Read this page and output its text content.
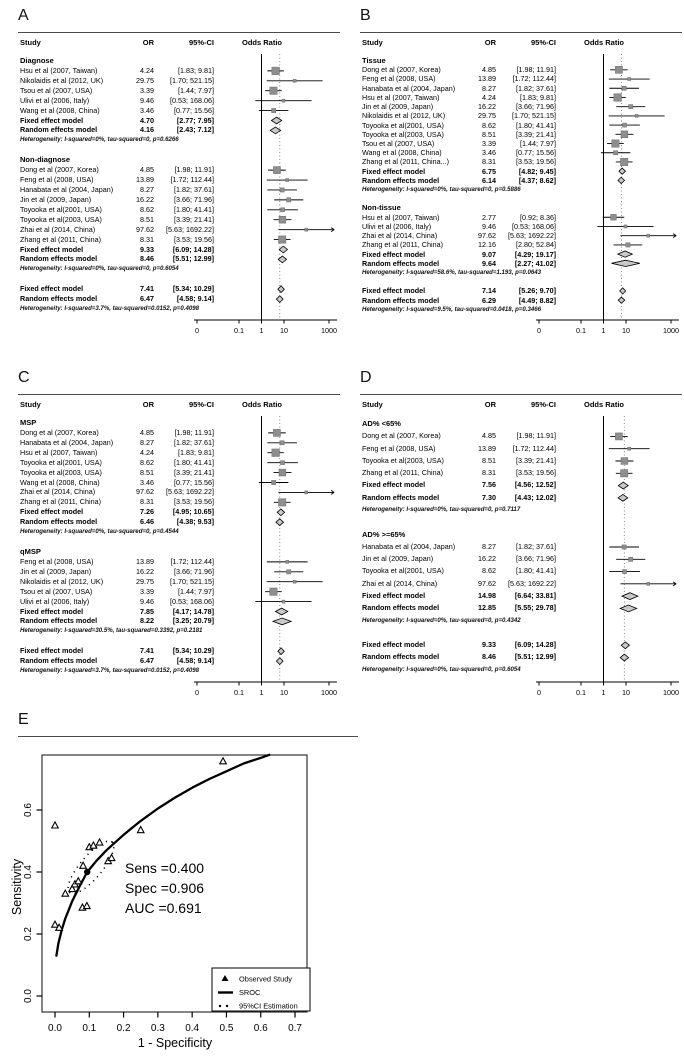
A
Study	OR	95%-CI	Odds Ratio
Diagnose
Hsu et al (2007, Taiwan)	4.24	[1.83; 9.81]
Nikolaidis et al (2012, UK)	29.75	[1.70; 521.15]
Tsou et al (2007, USA)	3.39	[1.44; 7.97]
Ulivi et al (2006, Italy)	9.46	[0.53; 168.06]
Wang et al (2008, China)	3.46	[0.77; 15.56]
Fixed effect model	4.70	[2.77; 7.95]
Random effects model	4.16	[2.43; 7.12]
Heterogeneity: I-squared=0%, tau-squared=0, p=0.6266
Non-diagnose
Dong et al (2007, Korea)	4.85	[1.98; 11.91]
Feng et al (2008, USA)	13.89	[1.72; 112.44]
Hanabata et al (2004, Japan)	8.27	[1.82; 37.61]
Jin et al (2009, Japan)	16.22	[3.66; 71.96]
Toyooka et al(2001, USA)	8.62	[1.80; 41.41]
Toyooka et al(2003, USA)	8.51	[3.39; 21.41]
Zhai et al (2014, China)	97.62	[5.63; 1692.22]
Zhang et al (2011, China)	8.31	[3.53; 19.56]
Fixed effect model	9.33	[6.09; 14.28]
Random effects model	8.46	[5.51; 12.99]
Heterogeneity: I-squared=0%, tau-squared=0, p=0.6054
Fixed effect model	7.41	[5.34; 10.29]
Random effects model	6.47	[4.58; 9.14]
Heterogeneity: I-squared=3.7%, tau-squared=0.0152, p=0.4098
0	0.1 1 10	1000
B
Study	OR	95%-CI	Odds Ratio
Tissue
Dong et al (2007, Korea)	4.85	[1.98; 11.91]
Feng et al (2008, USA)	13.89	[1.72; 112.44]
Hanabata et al (2004, Japan)	8.27	[1.82; 37.61]
Hsu et al (2007, Taiwan)	4.24	[1.83; 9.81]
Jin et al (2009, Japan)	16.22	[3.66; 71.96]
Nikolaidis et al (2012, UK)	29.75	[1.70; 521.15]
Toyooka et al(2001, USA)	8.62	[1.80; 41.41]
Toyooka et al(2003, USA)	8.51	[3.39; 21.41]
Tsou et al (2007, USA)	3.39	[1.44; 7.97]
Wang et al (2008, China)	3.46	[0.77; 15.56]
Zhang et al (2011, China...)	8.31	[3.53; 19.56]
Fixed effect model	6.75	[4.82; 9.45]
Random effects model	6.14	[4.37; 8.62]
Heterogeneity: I-squared=0%, tau-squared=0, p=0.5886
Non-tissue
Hsu et al (2007, Taiwan)	2.77	[0.92; 8.36]
Ulivi et al (2006, Italy)	9.46	[0.53; 168.06]
Zhai et al (2014, China)	97.62	[5.63; 1692.22]
Zhang et al (2011, China)	12.16	[2.80; 52.84]
Fixed effect model	9.07	[4.29; 19.17]
Random effects model	9.64	[2.27; 41.02]
Heterogeneity: I-squared=58.6%, tau-squared=1.193, p=0.0643
Fixed effect model	7.14	[5.26; 9.70]
Random effects model	6.29	[4.49; 8.82]
Heterogeneity: I-squared=9.5%, tau-squared=0.0418, p=0.3466
0	0.1 1 10	1000
C
Study	OR	95%-CI	Odds Ratio
MSP
Dong et al (2007, Korea)	4.85	[1.98; 11.91]
Hanabata et al (2004, Japan)	8.27	[1.82; 37.61]
Hsu et al (2007, Taiwan)	4.24	[1.83; 9.81]
Toyooka et al(2001, USA)	8.62	[1.80; 41.41]
Toyooka et al(2003, USA)	8.51	[3.39; 21.41]
Wang et al (2008, China)	3.46	[0.77; 15.56]
Zhai et al (2014, China)	97.62	[5.63; 1692.22]
Zhang et al (2011, China)	8.31	[3.53; 19.56]
Fixed effect model	7.26	[4.95; 10.65]
Random effects model	6.46	[4.38; 9.53]
Heterogeneity: I-squared=0%, tau-squared=0, p=0.4544
qMSP
Feng et al (2008, USA)	13.89	[1.72; 112.44]
Jin et al (2009, Japan)	16.22	[3.66; 71.96]
Nikolaidis et al (2012, UK)	29.75	[1.70; 521.15]
Tsou et al (2007, USA)	3.39	[1.44; 7.97]
Ulivi et al (2006, Italy)	9.46	[0.53; 168.06]
Fixed effect model	7.85	[4.17; 14.78]
Random effects model	8.22	[3.25; 20.79]
Heterogeneity: I-squared=30.5%, tau-squared=0.3392, p=0.2181
Fixed effect model	7.41	[5.34; 10.29]
Random effects model	6.47	[4.58; 9.14]
Heterogeneity: I-squared=3.7%, tau-squared=0.0152, p=0.4098
0	0.1 1 10	1000
D
Study	OR	95%-CI	Odds Ratio
AD% <65%
Dong et al (2007, Korea)	4.85	[1.98; 11.91]
Feng et al (2008, USA)	13.89	[1.72; 112.44]
Toyooka et al(2003, USA)	8.51	[3.39; 21.41]
Zhang et al (2011, China)	8.31	[3.53; 19.56]
Fixed effect model	7.56	[4.56; 12.52]
Random effects model	7.30	[4.43; 12.02]
Heterogeneity: I-squared=0%, tau-squared=0, p=0.7117
AD% >=65%
Hanabata et al (2004, Japan)	8.27	[1.82; 37.61]
Jin et al (2009, Japan)	16.22	[3.66; 71.96]
Toyooka et al(2001, USA)	8.62	[1.80; 41.41]
Zhai et al (2014, China)	97.62	[5.63; 1692.22]
Fixed effect model	14.98	[6.64; 33.81]
Random effects model	12.85	[5.55; 29.78]
Heterogeneity: I-squared=0%, tau-squared=0, p=0.4342
Fixed effect model	9.33	[6.09; 14.28]
Random effects model	8.46	[5.51; 12.99]
Heterogeneity: I-squared=0%, tau-squared=0, p=0.6054
0	0.1 1 10	1000
E
0.0 0.1 0.2 0.3 0.4 0.5 0.6 0.7
0.0
0.2
0.4
0.6
1 - Specificity
Sensitivity	Sens =0.400
Spec =0.906
AUC =0.691
Observed Study
SROC
95%CI Estimation
